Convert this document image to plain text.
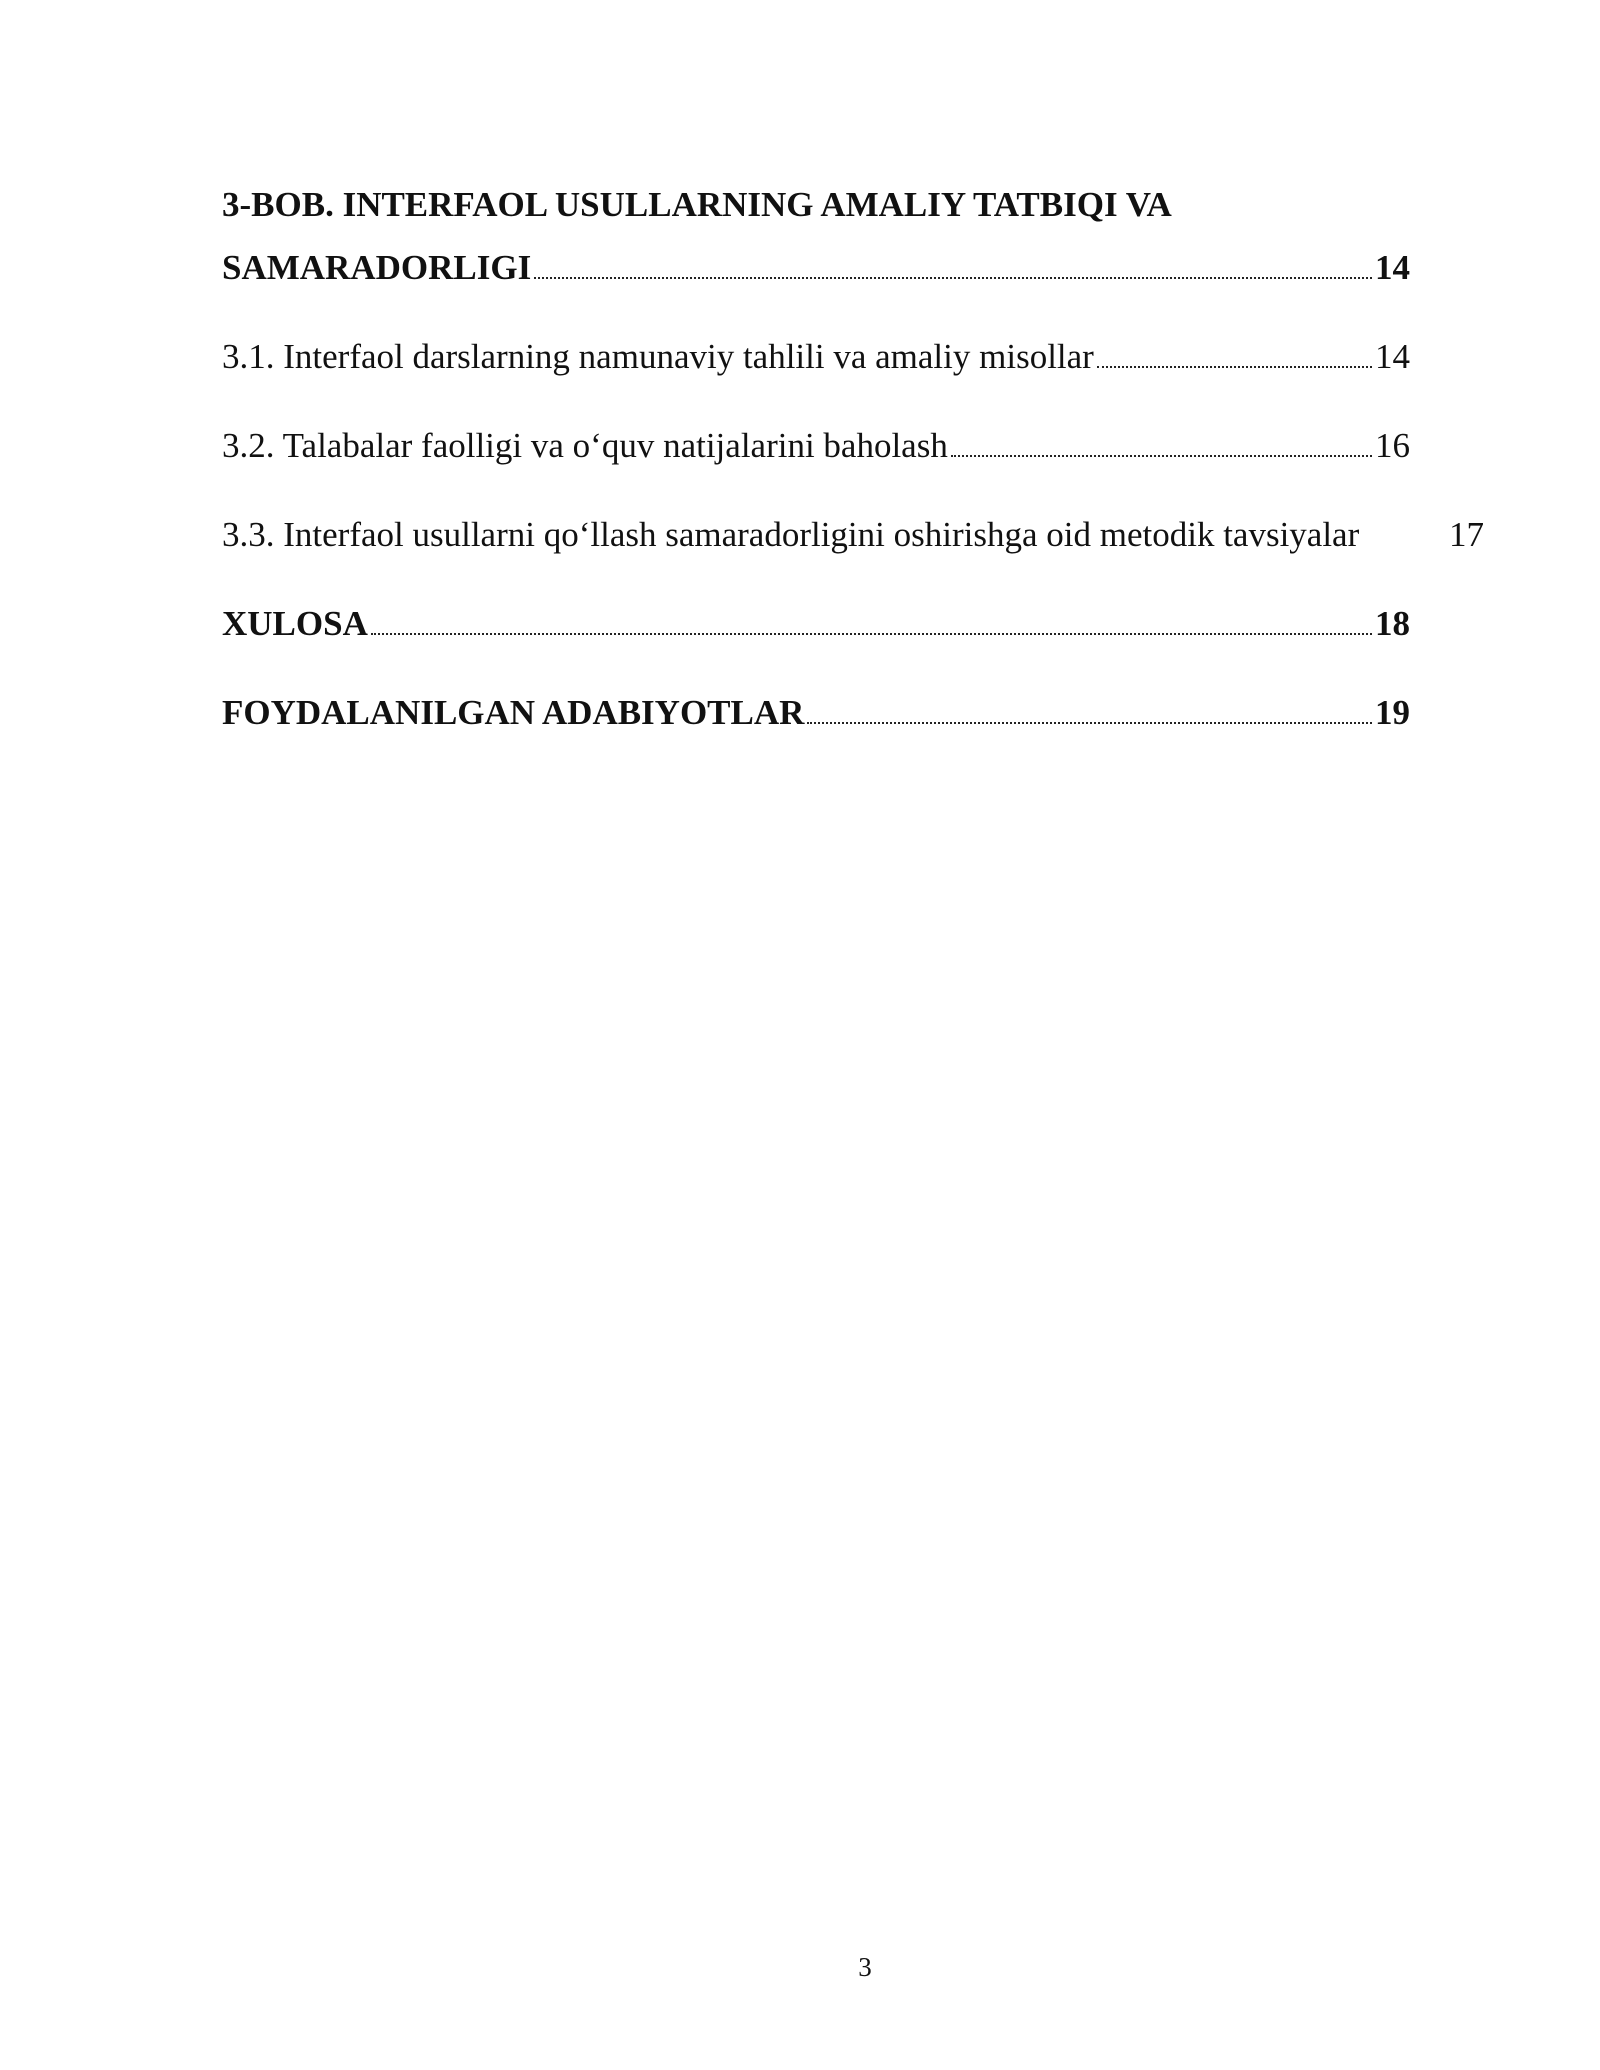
3-BOB. INTERFAOL USULLARNING AMALIY TATBIQI VA
SAMARADORLIGI	14
3.1. Interfaol darslarning namunaviy tahlili va amaliy misollar	14
3.2. Talabalar faolligi va o‘quv natijalarini baholash	16
3.3. Interfaol usullarni qo‘llash samaradorligini oshirishga oid metodik tavsiyalar	17
XULOSA	18
FOYDALANILGAN ADABIYOTLAR	19
3
